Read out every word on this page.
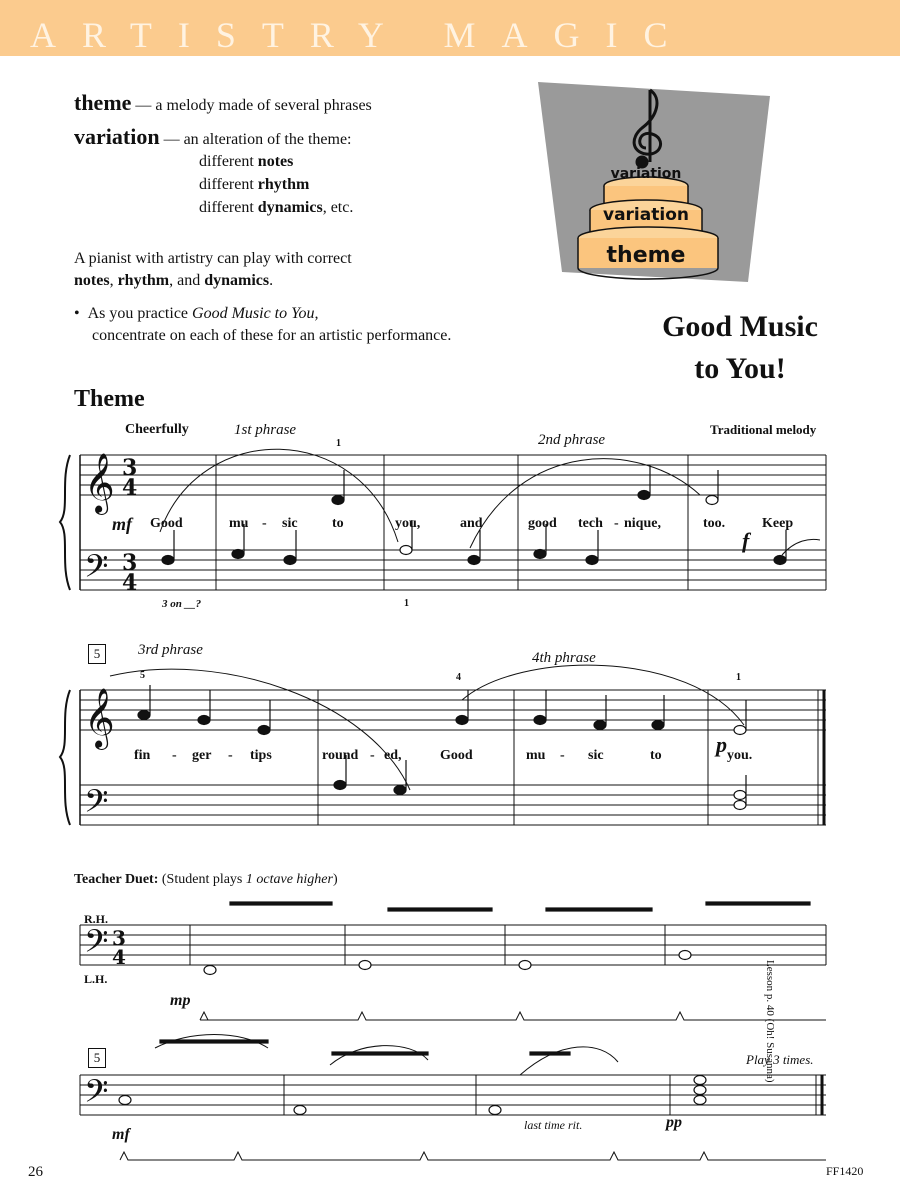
ARTISTRY MAGIC
theme — a melody made of several phrases
variation — an alteration of the theme:
different notes
different rhythm
different dynamics, etc.
A pianist with artistry can play with correct
notes, rhythm, and dynamics.
•  As you practice Good Music to You,
concentrate on each of these for an artistic performance.
variation
variation
theme
Good Music
to You!
Theme
Cheerfully	Traditional melody
𝄞
𝄢
3
4
3
4
𝄞
𝄢
𝄢 3
4
𝄢
1st phrase
2nd phrase
3rd phrase	4th phrase
mf
f
p
Good	mu - sic to	you,	and	good tech - nique,	too.	Keep
fin - ger - tips	round - ed,	Good	mu - sic	to	you.
3 on __?
5
1
1
5	4	1
Teacher Duet: (Student plays 1 octave higher)
R.H.
L.H.
mp
5
mf
last time rit.	pp
Play 3 times.
Lesson p. 40 (Oh! Susanna)
26	FF1420
